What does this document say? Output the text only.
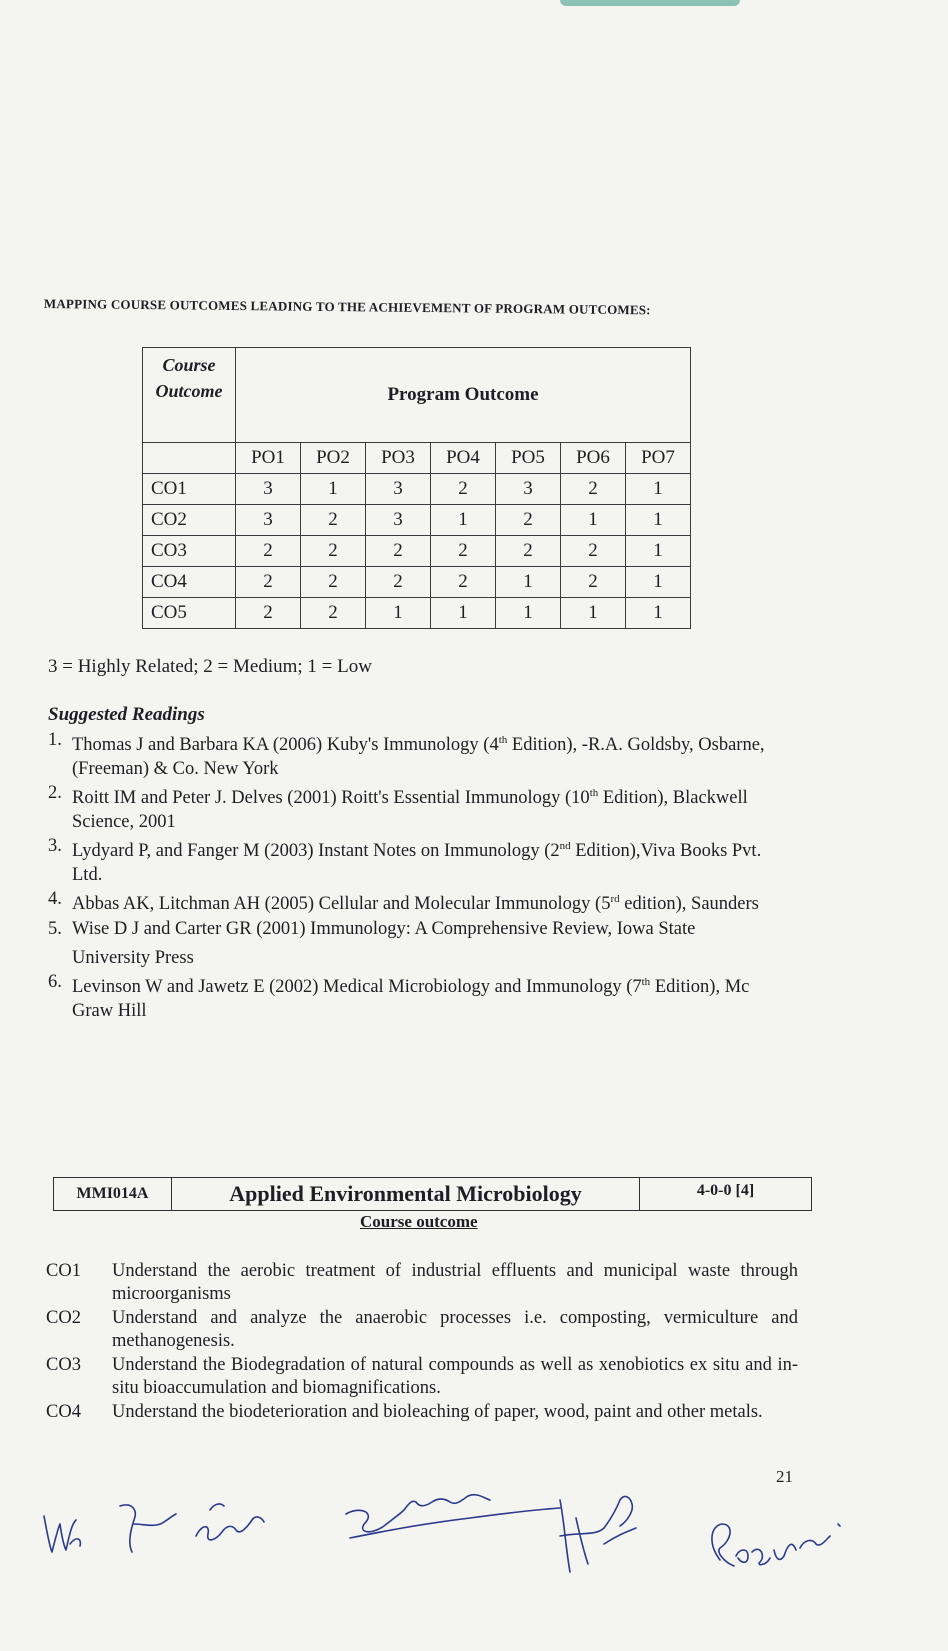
MAPPING COURSE OUTCOMES LEADING TO THE ACHIEVEMENT OF PROGRAM OUTCOMES:
Course
Outcome	Program Outcome						
	PO1	PO2	PO3	PO4	PO5	PO6	PO7
CO1	3	1	3	2	3	2	1
CO2	3	2	3	1	2	1	1
CO3	2	2	2	2	2	2	1
CO4	2	2	2	2	1	2	1
CO5	2	2	1	1	1	1	1
3 = Highly Related; 2 = Medium; 1 = Low
Suggested Readings
1. Thomas J and Barbara KA (2006) Kuby's Immunology (4th Edition), -R.A. Goldsby, Osbarne, (Freeman) & Co. New York
2. Roitt IM and Peter J. Delves (2001) Roitt's Essential Immunology (10th Edition), Blackwell Science, 2001
3. Lydyard P, and Fanger M (2003) Instant Notes on Immunology (2nd Edition),Viva Books Pvt. Ltd.
4. Abbas AK, Litchman AH (2005) Cellular and Molecular Immunology (5rd edition), Saunders
5. Wise D J and Carter GR (2001) Immunology: A Comprehensive Review, Iowa State University Press
6. Levinson W and Jawetz E (2002) Medical Microbiology and Immunology (7th Edition), Mc Graw Hill
MMI014A	Applied Environmental Microbiology	4-0-0 [4]
Course outcome
CO1	Understand the aerobic treatment of industrial effluents and municipal waste through microorganisms
CO2	Understand and analyze the anaerobic processes i.e. composting, vermiculture and methanogenesis.
CO3	Understand the Biodegradation of natural compounds as well as xenobiotics ex situ and in-situ bioaccumulation and biomagnifications.
CO4	Understand the biodeterioration and bioleaching of paper, wood, paint and other metals.
21
